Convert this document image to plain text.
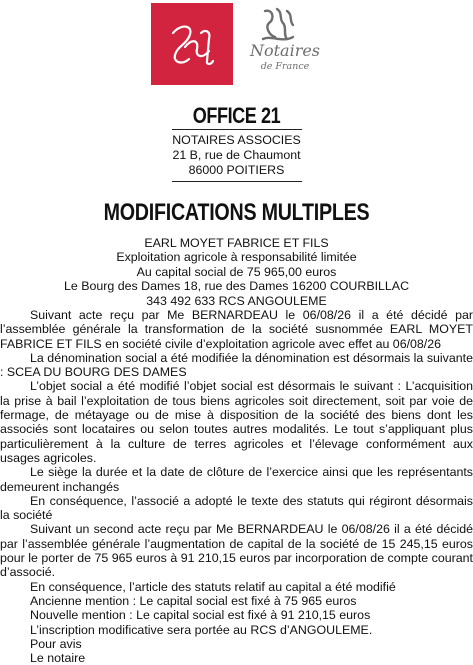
Notaires
de France
OFFICE 21
NOTAIRES ASSOCIES
21 B, rue de Chaumont
86000 POITIERS
MODIFICATIONS MULTIPLES
EARL MOYET FABRICE ET FILS
Exploitation agricole à responsabilité limitée
Au capital social de 75 965,00 euros
Le Bourg des Dames 18, rue des Dames 16200 COURBILLAC
343 492 633 RCS ANGOULEME

Suivant acte reçu par Me BERNARDEAU le 06/08/26 il a été décidé par l’assemblée générale la transformation de la société susnommée EARL MOYET FABRICE ET FILS en société civile d’exploitation agricole avec effet au 06/08/26

La dénomination social a été modifiée la dénomination est désormais la suivante : SCEA DU BOURG DES DAMES

L’objet social a été modifié l’objet social est désormais le suivant : L’acquisition la prise à bail l’exploitation de tous biens agricoles soit directement, soit par voie de fermage, de métayage ou de mise à disposition de la société des biens dont les associés sont locataires ou selon toutes autres modalités. Le tout s’appliquant plus particulièrement à la culture de terres agricoles et l’élevage conformément aux usages agricoles.

Le siège la durée et la date de clôture de l’exercice ainsi que les représentants demeurent inchangés

En conséquence, l’associé a adopté le texte des statuts qui régiront désormais la société

Suivant un second acte reçu par Me BERNARDEAU le 06/08/26 il a été décidé par l’assemblée générale l’augmentation de capital de la société de 15 245,15 euros pour le porter de 75 965 euros à 91 210,15 euros par incorporation de compte courant d’associé.

En conséquence, l’article des statuts relatif au capital a été modifié

Ancienne mention : Le capital social est fixé à 75 965 euros

Nouvelle mention : Le capital social est fixé à 91 210,15 euros

L’inscription modificative sera portée au RCS d’ANGOULEME.

Pour avis

Le notaire
